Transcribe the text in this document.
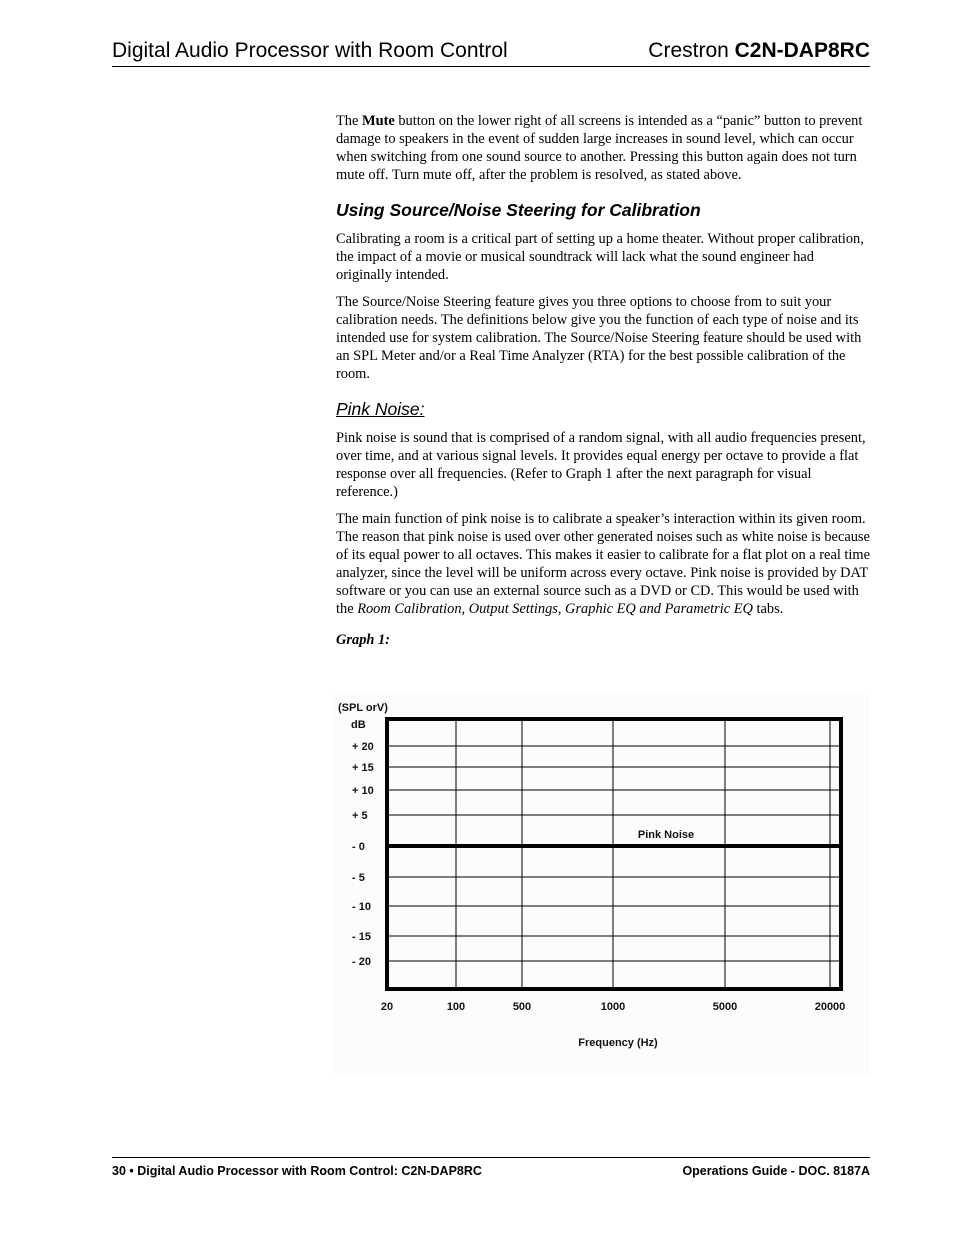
Digital Audio Processor with Room Control	Crestron C2N-DAP8RC

The Mute button on the lower right of all screens is intended as a “panic” button to prevent damage to speakers in the event of sudden large increases in sound level, which can occur when switching from one sound source to another. Pressing this button again does not turn mute off. Turn mute off, after the problem is resolved, as stated above.

Using Source/Noise Steering for Calibration

Calibrating a room is a critical part of setting up a home theater. Without proper calibration, the impact of a movie or musical soundtrack will lack what the sound engineer had originally intended.

The Source/Noise Steering feature gives you three options to choose from to suit your calibration needs. The definitions below give you the function of each type of noise and its intended use for system calibration. The Source/Noise Steering feature should be used with an SPL Meter and/or a Real Time Analyzer (RTA) for the best possible calibration of the room.

Pink Noise:

Pink noise is sound that is comprised of a random signal, with all audio frequencies present, over time, and at various signal levels. It provides equal energy per octave to provide a flat response over all frequencies. (Refer to Graph 1 after the next paragraph for visual reference.)

The main function of pink noise is to calibrate a speaker’s interaction within its given room. The reason that pink noise is used over other generated noises such as white noise is because of its equal power to all octaves. This makes it easier to calibrate for a flat plot on a real time analyzer, since the level will be uniform across every octave. Pink noise is provided by DAT software or you can use an external source such as a DVD or CD. This would be used with the Room Calibration, Output Settings, Graphic EQ and Parametric EQ tabs.

Graph 1:

(SPL orV)
dB
+ 20
+ 15
+ 10
+ 5
- 0
- 5
- 10
- 15
- 20
20	100	500	1000	5000	20000
Frequency (Hz)
Pink Noise
30 • Digital Audio Processor with Room Control: C2N-DAP8RC	Operations Guide - DOC. 8187A
